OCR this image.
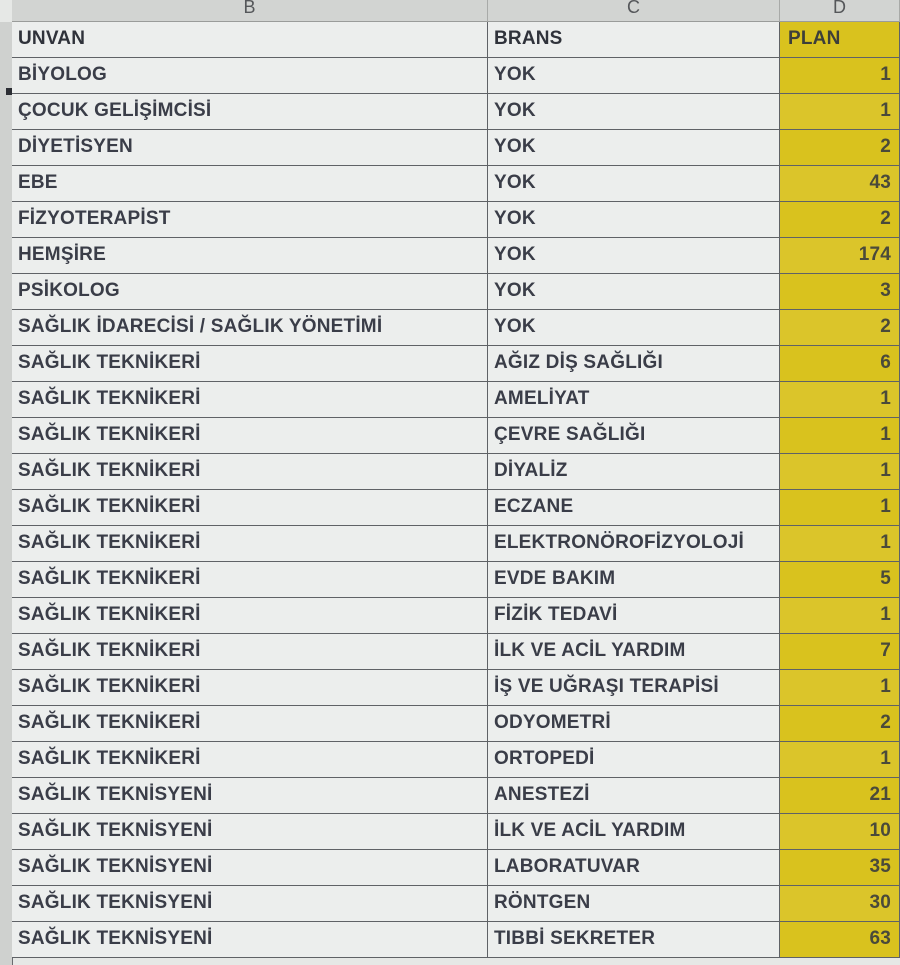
B	C	D
UNVAN	BRANS	PLAN
BİYOLOG	YOK	1
ÇOCUK GELİŞİMCİSİ	YOK	1
DİYETİSYEN	YOK	2
EBE	YOK	43
FİZYOTERAPİST	YOK	2
HEMŞİRE	YOK	174
PSİKOLOG	YOK	3
SAĞLIK İDARECİSİ / SAĞLIK YÖNETİMİ	YOK	2
SAĞLIK TEKNİKERİ	AĞIZ DİŞ SAĞLIĞI	6
SAĞLIK TEKNİKERİ	AMELİYAT	1
SAĞLIK TEKNİKERİ	ÇEVRE SAĞLIĞI	1
SAĞLIK TEKNİKERİ	DİYALİZ	1
SAĞLIK TEKNİKERİ	ECZANE	1
SAĞLIK TEKNİKERİ	ELEKTRONÖROFİZYOLOJİ	1
SAĞLIK TEKNİKERİ	EVDE BAKIM	5
SAĞLIK TEKNİKERİ	FİZİK TEDAVİ	1
SAĞLIK TEKNİKERİ	İLK VE ACİL YARDIM	7
SAĞLIK TEKNİKERİ	İŞ VE UĞRAŞI TERAPİSİ	1
SAĞLIK TEKNİKERİ	ODYOMETRİ	2
SAĞLIK TEKNİKERİ	ORTOPEDİ	1
SAĞLIK TEKNİSYENİ	ANESTEZİ	21
SAĞLIK TEKNİSYENİ	İLK VE ACİL YARDIM	10
SAĞLIK TEKNİSYENİ	LABORATUVAR	35
SAĞLIK TEKNİSYENİ	RÖNTGEN	30
SAĞLIK TEKNİSYENİ	TIBBİ SEKRETER	63
